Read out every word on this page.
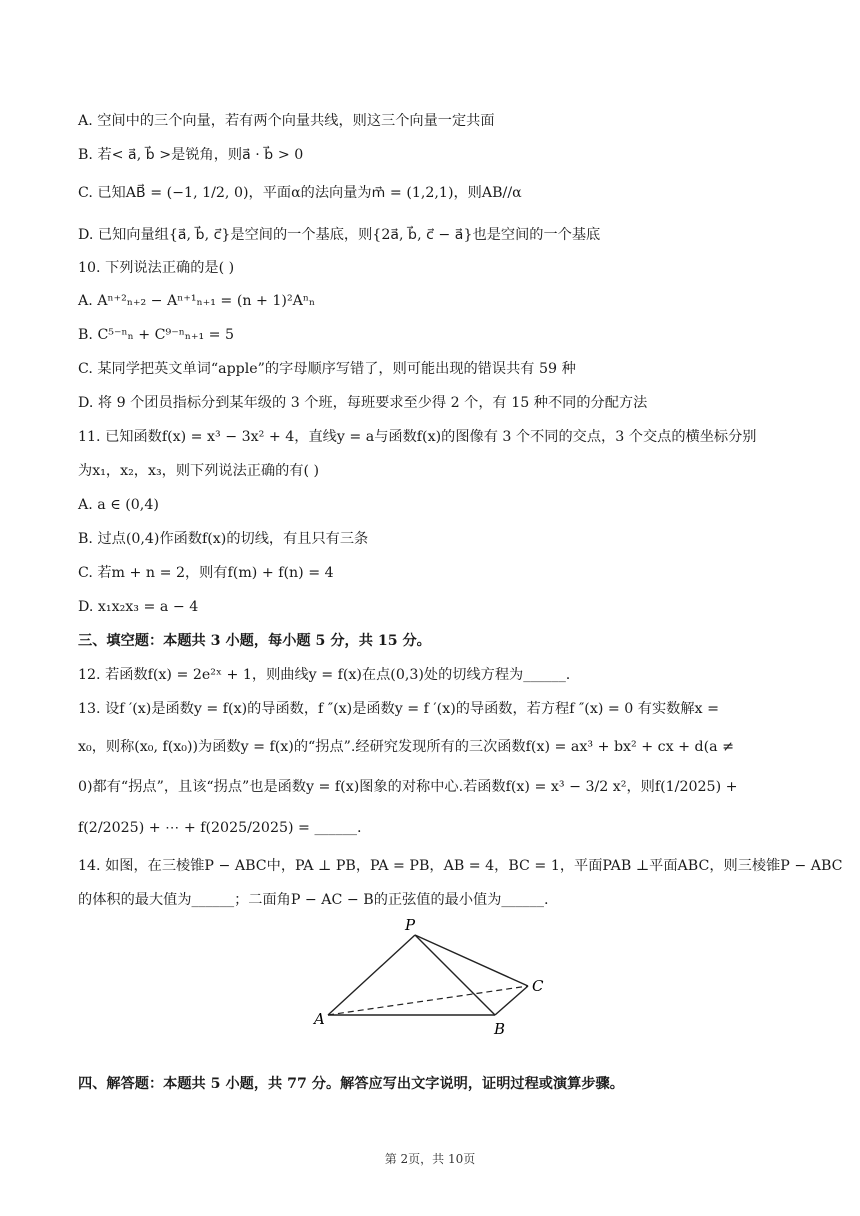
A. 空间中的三个向量，若有两个向量共线，则这三个向量一定共面
B. 若< a⃗, b⃗ >是锐角，则a⃗ · b⃗ > 0
C. 已知AB⃗ = (−1, 1/2, 0)，平面α的法向量为m⃗ = (1,2,1)，则AB//α
D. 已知向量组{a⃗, b⃗, c⃗}是空间的一个基底，则{2a⃗, b⃗, c⃗ − a⃗}也是空间的一个基底
10. 下列说法正确的是( )
A. Aⁿ⁺²ₙ₊₂ − Aⁿ⁺¹ₙ₊₁ = (n + 1)²Aⁿₙ
B. C⁵⁻ⁿₙ + C⁹⁻ⁿₙ₊₁ = 5
C. 某同学把英文单词“apple”的字母顺序写错了，则可能出现的错误共有 59 种
D. 将 9 个团员指标分到某年级的 3 个班，每班要求至少得 2 个，有 15 种不同的分配方法
11. 已知函数f(x) = x³ − 3x² + 4，直线y = a与函数f(x)的图像有 3 个不同的交点，3 个交点的横坐标分别
为x₁，x₂，x₃，则下列说法正确的有( )
A. a ∈ (0,4)
B. 过点(0,4)作函数f(x)的切线，有且只有三条
C. 若m + n = 2，则有f(m) + f(n) = 4
D. x₁x₂x₃ = a − 4
三、填空题：本题共 3 小题，每小题 5 分，共 15 分。
12. 若函数f(x) = 2e²ˣ + 1，则曲线y = f(x)在点(0,3)处的切线方程为______.
13. 设f ′(x)是函数y = f(x)的导函数，f ″(x)是函数y = f ′(x)的导函数，若方程f ″(x) = 0 有实数解x =
x₀，则称(x₀, f(x₀))为函数y = f(x)的“拐点”.经研究发现所有的三次函数f(x) = ax³ + bx² + cx + d(a ≠
0)都有“拐点”，且该“拐点”也是函数y = f(x)图象的对称中心.若函数f(x) = x³ − 3/2 x²，则f(1/2025) +
f(2/2025) + ⋯ + f(2025/2025) = ______.
14. 如图，在三棱锥P − ABC中，PA ⊥ PB，PA = PB，AB = 4，BC = 1，平面PAB ⊥平面ABC，则三棱锥P − ABC
的体积的最大值为______；二面角P − AC − B的正弦值的最小值为______.
P
A
B
C
四、解答题：本题共 5 小题，共 77 分。解答应写出文字说明，证明过程或演算步骤。
第 2页，共 10页
